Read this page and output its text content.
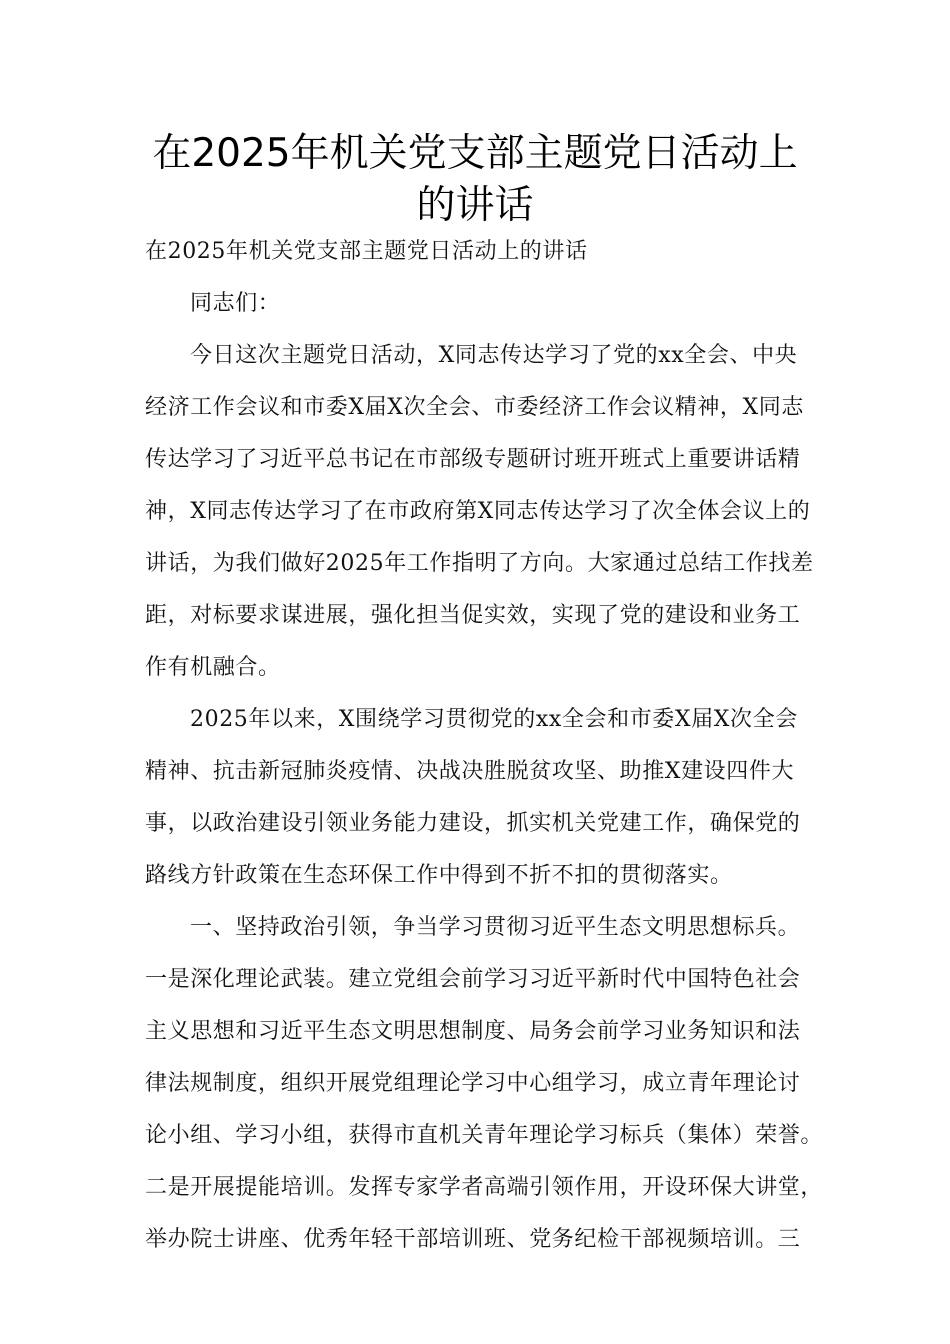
在2025年机关党支部主题党日活动上
的讲话
在2025年机关党支部主题党日活动上的讲话
同志们：
今日这次主题党日活动，X同志传达学习了党的xx全会、中央
经济工作会议和市委X届X次全会、市委经济工作会议精神，X同志
传达学习了习近平总书记在市部级专题研讨班开班式上重要讲话精
神，X同志传达学习了在市政府第X同志传达学习了次全体会议上的
讲话，为我们做好2025年工作指明了方向。大家通过总结工作找差
距，对标要求谋进展，强化担当促实效，实现了党的建设和业务工
作有机融合。
2025年以来，X围绕学习贯彻党的xx全会和市委X届X次全会
精神、抗击新冠肺炎疫情、决战决胜脱贫攻坚、助推X建设四件大
事，以政治建设引领业务能力建设，抓实机关党建工作，确保党的
路线方针政策在生态环保工作中得到不折不扣的贯彻落实。
一、坚持政治引领，争当学习贯彻习近平生态文明思想标兵。
一是深化理论武装。建立党组会前学习习近平新时代中国特色社会
主义思想和习近平生态文明思想制度、局务会前学习业务知识和法
律法规制度，组织开展党组理论学习中心组学习，成立青年理论讨
论小组、学习小组，获得市直机关青年理论学习标兵（集体）荣誉。
二是开展提能培训。发挥专家学者高端引领作用，开设环保大讲堂，
举办院士讲座、优秀年轻干部培训班、党务纪检干部视频培训。三
